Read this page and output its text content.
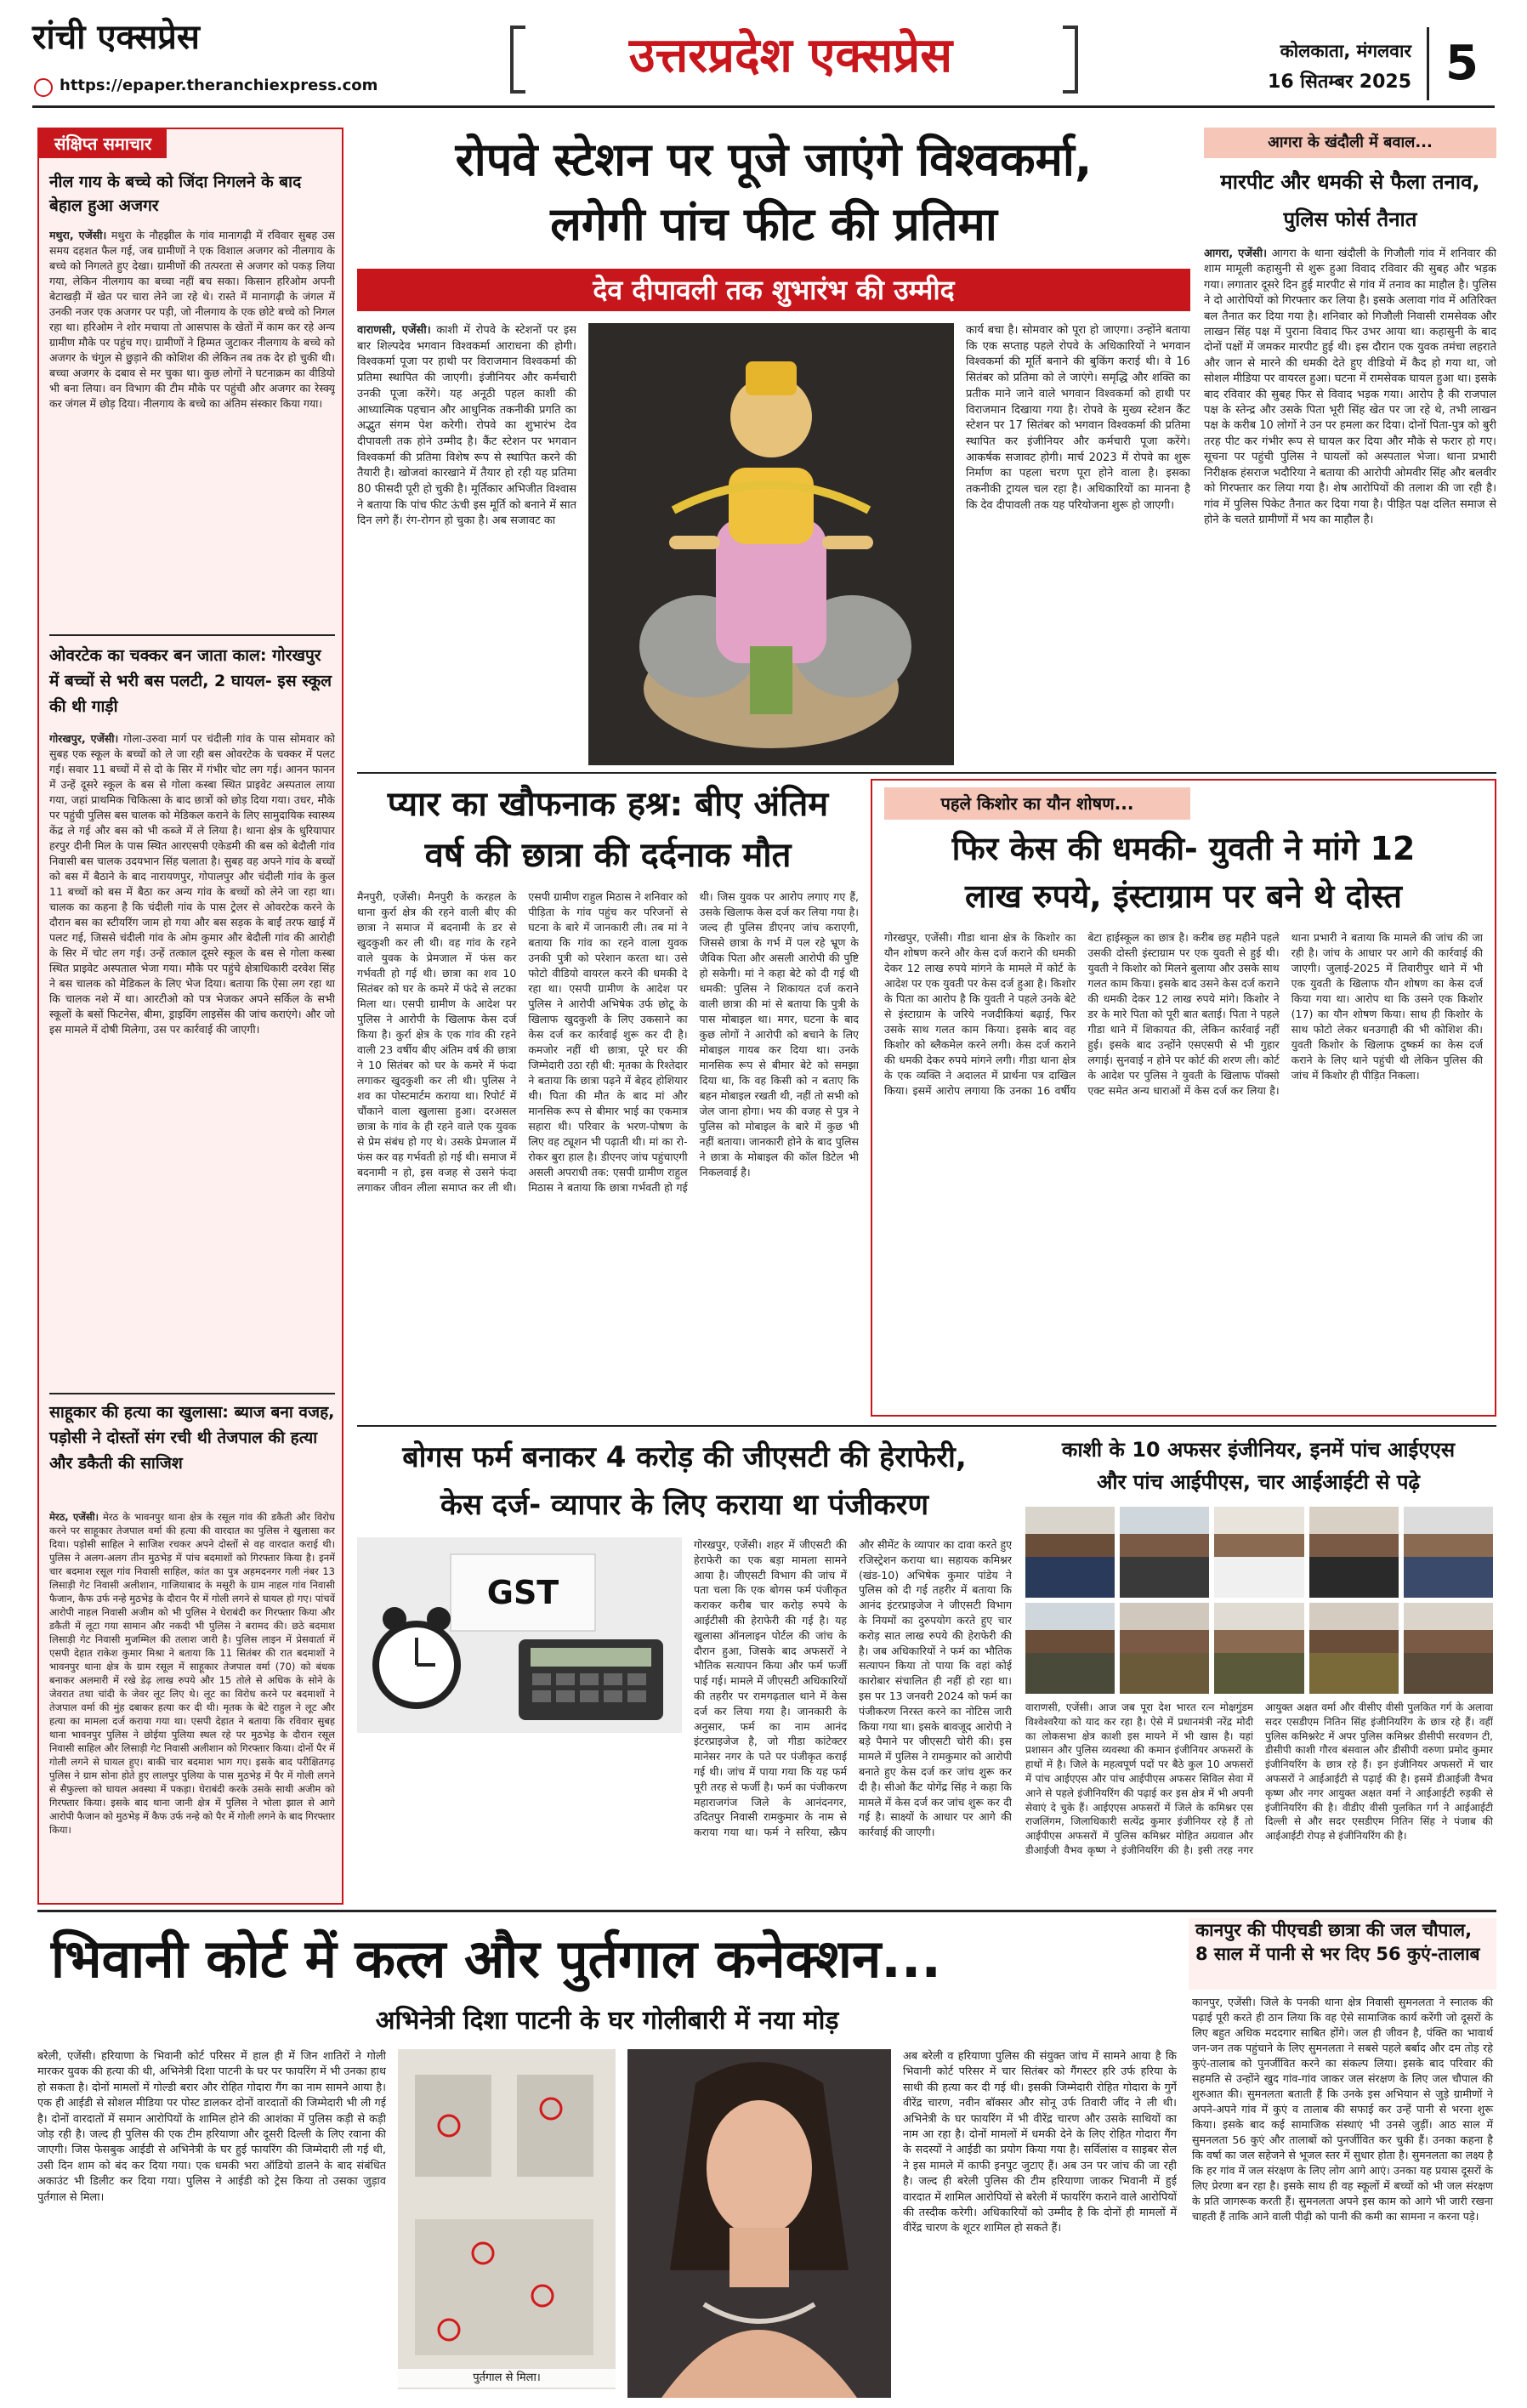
रांची एक्सप्रेस
https://epaper.theranchiexpress.com
उत्तरप्रदेश एक्सप्रेस	कोलकाता, मंगलवार
16 सितम्बर 2025 5
संक्षिप्त समाचार
नील गाय के बच्चे को जिंदा निगलने के बाद बेहाल हुआ अजगर
मथुरा, एजेंसी। मथुरा के नौहझील के गांव मानागढ़ी में रविवार सुबह उस समय दहशत फैल गई, जब ग्रामीणों ने एक विशाल अजगर को नीलगाय के बच्चे को निगलते हुए देखा। ग्रामीणों की तत्परता से अजगर को पकड़ लिया गया, लेकिन नीलगाय का बच्चा नहीं बच सका। किसान हरिओम अपनी बेटाखड़ी में खेत पर चारा लेने जा रहे थे। रास्ते में मानागढ़ी के जंगल में उनकी नजर एक अजगर पर पड़ी, जो नीलगाय के एक छोटे बच्चे को निगल रहा था। हरिओम ने शोर मचाया तो आसपास के खेतों में काम कर रहे अन्य ग्रामीण मौके पर पहुंच गए। ग्रामीणों ने हिम्मत जुटाकर नीलगाय के बच्चे को अजगर के चंगुल से छुड़ाने की कोशिश की लेकिन तब तक देर हो चुकी थी। बच्चा अजगर के दबाव से मर चुका था। कुछ लोगों ने घटनाक्रम का वीडियो भी बना लिया। वन विभाग की टीम मौके पर पहुंची और अजगर का रेस्क्यू कर जंगल में छोड़ दिया। नीलगाय के बच्चे का अंतिम संस्कार किया गया।
ओवरटेक का चक्कर बन जाता काल: गोरखपुर में बच्चों से भरी बस पलटी, 2 घायल- इस स्कूल की थी गाड़ी
गोरखपुर, एजेंसी। गोला-उरुवा मार्ग पर चंदीली गांव के पास सोमवार को सुबह एक स्कूल के बच्चों को ले जा रही बस ओवरटेक के चक्कर में पलट गई। सवार 11 बच्चों में से दो के सिर में गंभीर चोट लग गई। आनन फानन में उन्हें दूसरे स्कूल के बस से गोला कस्बा स्थित प्राइवेट अस्पताल लाया गया, जहां प्राथमिक चिकित्सा के बाद छात्रों को छोड़ दिया गया। उधर, मौके पर पहुंची पुलिस बस चालक को मेडिकल कराने के लिए सामुदायिक स्वास्थ्य केंद्र ले गई और बस को भी कब्जे में ले लिया है। थाना क्षेत्र के धुरियापार हरपुर दीनी मिल के पास स्थित आरएसपी एकेडमी की बस को बेदौली गांव निवासी बस चालक उदयभान सिंह चलाता है। सुबह वह अपने गांव के बच्चों को बस में बैठाने के बाद नारायणपुर, गोपालपुर और चंदीली गांव के कुल 11 बच्चों को बस में बैठा कर अन्य गांव के बच्चों को लेने जा रहा था। चालक का कहना है कि चंदीली गांव के पास ट्रेलर से ओवरटेक करने के दौरान बस का स्टीयरिंग जाम हो गया और बस सड़क के बाईं तरफ खाई में पलट गई, जिससे चंदीली गांव के ओम कुमार और बेदौली गांव की आरोही के सिर में चोट लग गई। उन्हें तत्काल दूसरे स्कूल के बस से गोला कस्बा स्थित प्राइवेट अस्पताल भेजा गया। मौके पर पहुंचे क्षेत्राधिकारी दरवेश सिंह ने बस चालक को मेडिकल के लिए भेज दिया। बताया कि ऐसा लग रहा था कि चालक नशे में था। आरटीओ को पत्र भेजकर अपने सर्किल के सभी स्कूलों के बसों फिटनेस, बीमा, ड्राइविंग लाइसेंस की जांच कराएंगे। और जो इस मामले में दोषी मिलेगा, उस पर कार्रवाई की जाएगी।
साहूकार की हत्या का खुलासा: ब्याज बना वजह, पड़ोसी ने दोस्तों संग रची थी तेजपाल की हत्या और डकैती की साजिश
मेरठ, एजेंसी। मेरठ के भावनपुर थाना क्षेत्र के रसूल गांव की डकैती और विरोध करने पर साहूकार तेजपाल वर्मा की हत्या की वारदात का पुलिस ने खुलासा कर दिया। पड़ोसी साहिल ने साजिश रचकर अपने दोस्तों से वह वारदात कराई थी। पुलिस ने अलग-अलग तीन मुठभेड़ में पांच बदमाशों को गिरफ्तार किया है। इनमें चार बदमाश रसूल गांव निवासी साहिल, कांत का पुत्र अहमदनगर गली नंबर 13 लिसाड़ी गेट निवासी अलीशान, गाजियाबाद के मसूरी के ग्राम नाहल गांव निवासी फैजान, कैफ उर्फ नन्हे मुठभेड़ के दौरान पैर में गोली लगने से घायल हो गए। पांचवें आरोपी नाहल निवासी अजीम को भी पुलिस ने घेराबंदी कर गिरफ्तार किया और डकैती में लूटा गया सामान और नकदी भी पुलिस ने बरामद की। छठे बदमाश लिसाड़ी गेट निवासी मुजम्मिल की तलाश जारी है। पुलिस लाइन में प्रेसवार्ता में एसपी देहात राकेश कुमार मिश्रा ने बताया कि 11 सितंबर की रात बदमाशों ने भावनपुर थाना क्षेत्र के ग्राम रसूल में साहूकार तेजपाल वर्मा (70) को बंधक बनाकर अलमारी में रखे डेढ़ लाख रुपये और 15 तोले से अधिक के सोने के जेवरात तथा चांदी के जेवर लूट लिए थे। लूट का विरोध करने पर बदमाशों ने तेजपाल वर्मा की मुंह दबाकर हत्या कर दी थी। मृतक के बेटे राहुल ने लूट और हत्या का मामला दर्ज कराया गया था। एसपी देहात ने बताया कि रविवार सुबह थाना भावनपुर पुलिस ने छोईया पुलिया स्थल रहे पर मुठभेड़ के दौरान रसूल निवासी साहिल और लिसाड़ी गेट निवासी अलीशान को गिरफ्तार किया। दोनों पैर में गोली लगने से घायल हुए। बाकी चार बदमाश भाग गए। इसके बाद परीक्षितगढ़ पुलिस ने ग्राम सोना होते हुए लालपुर पुलिया के पास मुठभेड़ में पैर में गोली लगने से सैफुल्ला को घायल अवस्था में पकड़ा। घेराबंदी करके उसके साथी अजीम को गिरफ्तार किया। इसके बाद थाना जानी क्षेत्र में पुलिस ने भोला झाल से आगे आरोपी फैजान को मुठभेड़ में कैफ उर्फ नन्हे को पैर में गोली लगने के बाद गिरफ्तार किया।
रोपवे स्टेशन पर पूजे जाएंगे विश्वकर्मा,
लगेगी पांच फीट की प्रतिमा
देव दीपावली तक शुभारंभ की उम्मीद
वाराणसी, एजेंसी। काशी में रोपवे के स्टेशनों पर इस बार शिल्पदेव भगवान विश्वकर्मा आराधना की होगी। विश्वकर्मा पूजा पर हाथी पर विराजमान विश्वकर्मा की प्रतिमा स्थापित की जाएगी। इंजीनियर और कर्मचारी उनकी पूजा करेंगे। यह अनूठी पहल काशी की आध्यात्मिक पहचान और आधुनिक तकनीकी प्रगति का अद्भुत संगम पेश करेगी। रोपवे का शुभारंभ देव दीपावली तक होने उम्मीद है। कैंट स्टेशन पर भगवान विश्वकर्मा की प्रतिमा विशेष रूप से स्थापित करने की तैयारी है। खोजवां कारखाने में तैयार हो रही यह प्रतिमा 80 फीसदी पूरी हो चुकी है। मूर्तिकार अभिजीत विश्वास ने बताया कि पांच फीट ऊंची इस मूर्ति को बनाने में सात दिन लगे हैं। रंग-रोगन हो चुका है। अब सजावट का
कार्य बचा है। सोमवार को पूरा हो जाएगा। उन्होंने बताया कि एक सप्ताह पहले रोपवे के अधिकारियों ने भगवान विश्वकर्मा की मूर्ति बनाने की बुकिंग कराई थी। वे 16 सितंबर को प्रतिमा को ले जाएंगे। समृद्धि और शक्ति का प्रतीक माने जाने वाले भगवान विश्वकर्मा को हाथी पर विराजमान दिखाया गया है। रोपवे के मुख्य स्टेशन कैंट स्टेशन पर 17 सितंबर को भगवान विश्वकर्मा की प्रतिमा स्थापित कर इंजीनियर और कर्मचारी पूजा करेंगे। आकर्षक सजावट होगी। मार्च 2023 में रोपवे का शुरू निर्माण का पहला चरण पूरा होने वाला है। इसका तकनीकी ट्रायल चल रहा है। अधिकारियों का मानना है कि देव दीपावली तक यह परियोजना शुरू हो जाएगी।
आगरा के खंदौली में बवाल...
मारपीट और धमकी से फैला तनाव, पुलिस फोर्स तैनात
आगरा, एजेंसी। आगरा के थाना खंदौली के गिजौली गांव में शनिवार की शाम मामूली कहासुनी से शुरू हुआ विवाद रविवार की सुबह और भड़क गया। लगातार दूसरे दिन हुई मारपीट से गांव में तनाव का माहौल है। पुलिस ने दो आरोपियों को गिरफ्तार कर लिया है। इसके अलावा गांव में अतिरिक्त बल तैनात कर दिया गया है। शनिवार को गिजौली निवासी रामसेवक और लाखन सिंह पक्ष में पुराना विवाद फिर उभर आया था। कहासुनी के बाद दोनों पक्षों में जमकर मारपीट हुई थी। इस दौरान एक युवक तमंचा लहराते और जान से मारने की धमकी देते हुए वीडियो में कैद हो गया था, जो सोशल मीडिया पर वायरल हुआ। घटना में रामसेवक घायल हुआ था। इसके बाद रविवार की सुबह फिर से विवाद भड़क गया। आरोप है की राजपाल पक्ष के स्तेन्द्र और उसके पिता भूरी सिंह खेत पर जा रहे थे, तभी लाखन पक्ष के करीब 10 लोगों ने उन पर हमला कर दिया। दोनों पिता-पुत्र को बुरी तरह पीट कर गंभीर रूप से घायल कर दिया और मौके से फरार हो गए। सूचना पर पहुंची पुलिस ने घायलों को अस्पताल भेजा। थाना प्रभारी निरीक्षक हंसराज भदौरिया ने बताया की आरोपी ओमवीर सिंह और बलवीर को गिरफ्तार कर लिया गया है। शेष आरोपियों की तलाश की जा रही है। गांव में पुलिस पिकेट तैनात कर दिया गया है। पीड़ित पक्ष दलित समाज से होने के चलते ग्रामीणों में भय का माहौल है।
प्यार का खौफनाक हश्र: बीए अंतिम
वर्ष की छात्रा की दर्दनाक मौत
मैनपुरी, एजेंसी। मैनपुरी के करहल के थाना कुर्रा क्षेत्र की रहने वाली बीए की छात्रा ने समाज में बदनामी के डर से खुदकुशी कर ली थी। वह गांव के रहने वाले युवक के प्रेमजाल में फंस कर गर्भवती हो गई थी। छात्रा का शव 10 सितंबर को घर के कमरे में फंदे से लटका मिला था। एसपी ग्रामीण के आदेश पर पुलिस ने आरोपी के खिलाफ केस दर्ज किया है। कुर्रा क्षेत्र के एक गांव की रहने वाली 23 वर्षीय बीए अंतिम वर्ष की छात्रा ने 10 सितंबर को घर के कमरे में फंदा लगाकर खुदकुशी कर ली थी। पुलिस ने शव का पोस्टमार्टम कराया था। रिपोर्ट में चौंकाने वाला खुलासा हुआ। दरअसल छात्रा के गांव के ही रहने वाले एक युवक से प्रेम संबंध हो गए थे। उसके प्रेमजाल में फंस कर वह गर्भवती हो गई थी। समाज में बदनामी न हो, इस वजह से उसने फंदा लगाकर जीवन लीला समाप्त कर ली थी। एसपी ग्रामीण राहुल मिठास ने शनिवार को पीड़िता के गांव पहुंच कर परिजनों से घटना के बारे में जानकारी ली। तब मां ने बताया कि गांव का रहने वाला युवक उनकी पुत्री को परेशान करता था। उसे फोटो वीडियो वायरल करने की धमकी दे रहा था। एसपी ग्रामीण के आदेश पर पुलिस ने आरोपी अभिषेक उर्फ छोटू के खिलाफ खुदकुशी के लिए उकसाने का केस दर्ज कर कार्रवाई शुरू कर दी है। कमजोर नहीं थी छात्रा, पूरे घर की जिम्मेदारी उठा रही थी: मृतका के रिश्तेदार ने बताया कि छात्रा पढ़ने में बेहद होशियार थी। पिता की मौत के बाद मां और मानसिक रूप से बीमार भाई का एकमात्र सहारा थी। परिवार के भरण-पोषण के लिए वह ट्यूशन भी पढ़ाती थी। मां का रो-रोकर बुरा हाल है। डीएनए जांच पहुंचाएगी असली अपराधी तक: एसपी ग्रामीण राहुल मिठास ने बताया कि छात्रा गर्भवती हो गई थी। जिस युवक पर आरोप लगाए गए हैं, उसके खिलाफ केस दर्ज कर लिया गया है। जल्द ही पुलिस डीएनए जांच कराएगी, जिससे छात्रा के गर्भ में पल रहे भ्रूण के जैविक पिता और असली आरोपी की पुष्टि हो सकेगी। मां ने कहा बेटे को दी गई थी धमकी: पुलिस ने शिकायत दर्ज कराने वाली छात्रा की मां से बताया कि पुत्री के पास मोबाइल था। मगर, घटना के बाद कुछ लोगों ने आरोपी को बचाने के लिए मोबाइल गायब कर दिया था। उनके मानसिक रूप से बीमार बेटे को समझा दिया था, कि वह किसी को न बताए कि बहन मोबाइल रखती थी, नहीं तो सभी को जेल जाना होगा। भय की वजह से पुत्र ने पुलिस को मोबाइल के बारे में कुछ भी नहीं बताया। जानकारी होने के बाद पुलिस ने छात्रा के मोबाइल की कॉल डिटेल भी निकलवाई है।
पहले किशोर का यौन शोषण...
फिर केस की धमकी- युवती ने मांगे 12
लाख रुपये, इंस्टाग्राम पर बने थे दोस्त
गोरखपुर, एजेंसी। गीडा थाना क्षेत्र के किशोर का यौन शोषण करने और केस दर्ज कराने की धमकी देकर 12 लाख रुपये मांगने के मामले में कोर्ट के आदेश पर एक युवती पर केस दर्ज हुआ है। किशोर के पिता का आरोप है कि युवती ने पहले उनके बेटे से इंस्टाग्राम के जरिये नजदीकियां बढ़ाई, फिर उसके साथ गलत काम किया। इसके बाद वह किशोर को ब्लैकमेल करने लगी। केस दर्ज कराने की धमकी देकर रुपये मांगने लगी। गीडा थाना क्षेत्र के एक व्यक्ति ने अदालत में प्रार्थना पत्र दाखिल किया। इसमें आरोप लगाया कि उनका 16 वर्षीय बेटा हाईस्कूल का छात्र है। करीब छह महीने पहले उसकी दोस्ती इंस्टाग्राम पर एक युवती से हुई थी। युवती ने किशोर को मिलने बुलाया और उसके साथ गलत काम किया। इसके बाद उसने केस दर्ज कराने की धमकी देकर 12 लाख रुपये मांगे। किशोर ने डर के मारे पिता को पूरी बात बताई। पिता ने पहले गीडा थाने में शिकायत की, लेकिन कार्रवाई नहीं हुई। इसके बाद उन्होंने एसएसपी से भी गुहार लगाई। सुनवाई न होने पर कोर्ट की शरण ली। कोर्ट के आदेश पर पुलिस ने युवती के खिलाफ पॉक्सो एक्ट समेत अन्य धाराओं में केस दर्ज कर लिया है। थाना प्रभारी ने बताया कि मामले की जांच की जा रही है। जांच के आधार पर आगे की कार्रवाई की जाएगी। जुलाई-2025 में तिवारीपुर थाने में भी एक युवती के खिलाफ यौन शोषण का केस दर्ज किया गया था। आरोप था कि उसने एक किशोर (17) का यौन शोषण किया। साथ ही किशोर के साथ फोटो लेकर धनउगाही की भी कोशिश की। युवती किशोर के खिलाफ दुष्कर्म का केस दर्ज कराने के लिए थाने पहुंची थी लेकिन पुलिस की जांच में किशोर ही पीड़ित निकला।
बोगस फर्म बनाकर 4 करोड़ की जीएसटी की हेराफेरी,
केस दर्ज- व्यापार के लिए कराया था पंजीकरण
GST
गोरखपुर, एजेंसी। शहर में जीएसटी की हेराफेरी का एक बड़ा मामला सामने आया है। जीएसटी विभाग की जांच में पता चला कि एक बोगस फर्म पंजीकृत कराकर करीब चार करोड़ रुपये के आईटीसी की हेराफेरी की गई है। यह खुलासा ऑनलाइन पोर्टल की जांच के दौरान हुआ, जिसके बाद अफसरों ने भौतिक सत्यापन किया और फर्म फर्जी पाई गई। मामले में जीएसटी अधिकारियों की तहरीर पर रामगढ़ताल थाने में केस दर्ज कर लिया गया है। जानकारी के अनुसार, फर्म का नाम आनंद इंटरप्राइजेज है, जो गीडा कांटेक्टर मानेसर नगर के पते पर पंजीकृत कराई गई थी। जांच में पाया गया कि यह फर्म पूरी तरह से फर्जी है। फर्म का पंजीकरण महाराजगंज जिले के आनंदनगर, उदितपुर निवासी रामकुमार के नाम से कराया गया था। फर्म ने सरिया, स्क्रैप और सीमेंट के व्यापार का दावा करते हुए रजिस्ट्रेशन कराया था। सहायक कमिश्नर (खंड-10) अभिषेक कुमार पांडेय ने पुलिस को दी गई तहरीर में बताया कि आनंद इंटरप्राइजेज ने जीएसटी विभाग के नियमों का दुरुपयोग करते हुए चार करोड़ सात लाख रुपये की हेराफेरी की है। जब अधिकारियों ने फर्म का भौतिक सत्यापन किया तो पाया कि वहां कोई कारोबार संचालित ही नहीं हो रहा था। इस पर 13 जनवरी 2024 को फर्म का पंजीकरण निरस्त करने का नोटिस जारी किया गया था। इसके बावजूद आरोपी ने बड़े पैमाने पर जीएसटी चोरी की। इस मामले में पुलिस ने रामकुमार को आरोपी बनाते हुए केस दर्ज कर जांच शुरू कर दी है। सीओ कैंट योगेंद्र सिंह ने कहा कि मामले में केस दर्ज कर जांच शुरू कर दी गई है। साक्ष्यों के आधार पर आगे की कार्रवाई की जाएगी।
काशी के 10 अफसर इंजीनियर, इनमें पांच आईएएस
और पांच आईपीएस, चार आईआईटी से पढ़े
वाराणसी, एजेंसी। आज जब पूरा देश भारत रत्न मोक्षगुंडम विश्वेश्वरैया को याद कर रहा है। ऐसे में प्रधानमंत्री नरेंद्र मोदी का लोकसभा क्षेत्र काशी इस मायने में भी खास है। यहां प्रशासन और पुलिस व्यवस्था की कमान इंजीनियर अफसरों के हाथों में है। जिले के महत्वपूर्ण पदों पर बैठे कुल 10 अफसरों में पांच आईएएस और पांच आईपीएस अफसर सिविल सेवा में आने से पहले इंजीनियरिंग की पढ़ाई कर इस क्षेत्र में भी अपनी सेवाएं दे चुके हैं। आईएएस अफसरों में जिले के कमिश्नर एस राजलिंगम, जिलाधिकारी सत्येंद्र कुमार इंजीनियर रहे हैं तो आईपीएस अफसरों में पुलिस कमिश्नर मोहित अग्रवाल और डीआईजी वैभव कृष्ण ने इंजीनियरिंग की है। इसी तरह नगर आयुक्त अक्षत वर्मा और वीसीए वीसी पुलकित गर्ग के अलावा सदर एसडीएम नितिन सिंह इंजीनियरिंग के छात्र रहे हैं। वहीं पुलिस कमिश्नरेट में अपर पुलिस कमिश्नर डीसीपी सरवणन टी, डीसीपी काशी गौरव बंसवाल और डीसीपी वरुणा प्रमोद कुमार इंजीनियरिंग के छात्र रहे हैं। इन इंजीनियर अफसरों में चार अफसरों ने आईआईटी से पढ़ाई की है। इसमें डीआईजी वैभव कृष्ण और नगर आयुक्त अक्षत वर्मा ने आईआईटी रुड़की से इंजीनियरिंग की है। वीडीए वीसी पुलकित गर्ग ने आईआईटी दिल्ली से और सदर एसडीएम नितिन सिंह ने पंजाब की आईआईटी रोपड़ से इंजीनियरिंग की है।
भिवानी कोर्ट में कत्ल और पुर्तगाल कनेक्शन...
अभिनेत्री दिशा पाटनी के घर गोलीबारी में नया मोड़
बरेली, एजेंसी। हरियाणा के भिवानी कोर्ट परिसर में हाल ही में जिन शातिरों ने गोली मारकर युवक की हत्या की थी, अभिनेत्री दिशा पाटनी के घर पर फायरिंग में भी उनका हाथ हो सकता है। दोनों मामलों में गोल्डी बरार और रोहित गोदारा गैंग का नाम सामने आया है। एक ही आईडी से सोशल मीडिया पर पोस्ट डालकर दोनों वारदातों की जिम्मेदारी भी ली गई है। दोनों वारदातों में समान आरोपियों के शामिल होने की आशंका में पुलिस कड़ी से कड़ी जोड़ रही है। जल्द ही पुलिस की एक टीम हरियाणा और दूसरी दिल्ली के लिए रवाना की जाएगी। जिस फेसबुक आईडी से अभिनेत्री के घर हुई फायरिंग की जिम्मेदारी ली गई थी, उसी दिन शाम को बंद कर दिया गया। एक धमकी भरा ऑडियो डालने के बाद संबंधित अकाउंट भी डिलीट कर दिया गया। पुलिस ने आईडी को ट्रेस किया तो उसका जुड़ाव पुर्तगाल से मिला।
पुर्तगाल से मिला।
अब बरेली व हरियाणा पुलिस की संयुक्त जांच में सामने आया है कि भिवानी कोर्ट परिसर में चार सितंबर को गैंगस्टर हरि उर्फ हरिया के साथी की हत्या कर दी गई थी। इसकी जिम्मेदारी रोहित गोदारा के गुर्गे वीरेंद्र चारण, नवीन बॉक्सर और सोनू उर्फ तिवारी जींद ने ली थी। अभिनेत्री के घर फायरिंग में भी वीरेंद्र चारण और उसके साथियों का नाम आ रहा है। दोनों मामलों में धमकी देने के लिए रोहित गोदारा गैंग के सदस्यों ने आईडी का प्रयोग किया गया है। सर्विलांस व साइबर सेल ने इस मामले में काफी इनपुट जुटाए हैं। अब उन पर जांच की जा रही है। जल्द ही बरेली पुलिस की टीम हरियाणा जाकर भिवानी में हुई वारदात में शामिल आरोपियों से बरेली में फायरिंग कराने वाले आरोपियों की तस्दीक करेगी। अधिकारियों को उम्मीद है कि दोनों ही मामलों में वीरेंद्र चारण के शूटर शामिल हो सकते हैं।
कानपुर की पीएचडी छात्रा की जल चौपाल, 8 साल में पानी से भर दिए 56 कुएं-तालाब
कानपुर, एजेंसी। जिले के पनकी थाना क्षेत्र निवासी सुमनलता ने स्नातक की पढ़ाई पूरी करते ही ठान लिया कि वह ऐसे सामाजिक कार्य करेंगी जो दूसरों के लिए बहुत अधिक मददगार साबित होंगे। जल ही जीवन है, पंक्ति का भावार्थ जन-जन तक पहुंचाने के लिए सुमनलता ने सबसे पहले बर्बाद और दम तोड़ रहे कुएं-तालाब को पुनर्जीवित करने का संकल्प लिया। इसके बाद परिवार की सहमति से उन्होंने खुद गांव-गांव जाकर जल संरक्षण के लिए जल चौपाल की शुरुआत की। सुमनलता बताती हैं कि उनके इस अभियान से जुड़े ग्रामीणों ने अपने-अपने गांव में कुएं व तालाब की सफाई कर उन्हें पानी से भरना शुरू किया। इसके बाद कई सामाजिक संस्थाएं भी उनसे जुड़ीं। आठ साल में सुमनलता 56 कुएं और तालाबों को पुनर्जीवित कर चुकी हैं। उनका कहना है कि वर्षा का जल सहेजने से भूजल स्तर में सुधार होता है। सुमनलता का लक्ष्य है कि हर गांव में जल संरक्षण के लिए लोग आगे आएं। उनका यह प्रयास दूसरों के लिए प्रेरणा बन रहा है। इसके साथ ही वह स्कूलों में बच्चों को भी जल संरक्षण के प्रति जागरूक करती हैं। सुमनलता अपने इस काम को आगे भी जारी रखना चाहती हैं ताकि आने वाली पीढ़ी को पानी की कमी का सामना न करना पड़े।
